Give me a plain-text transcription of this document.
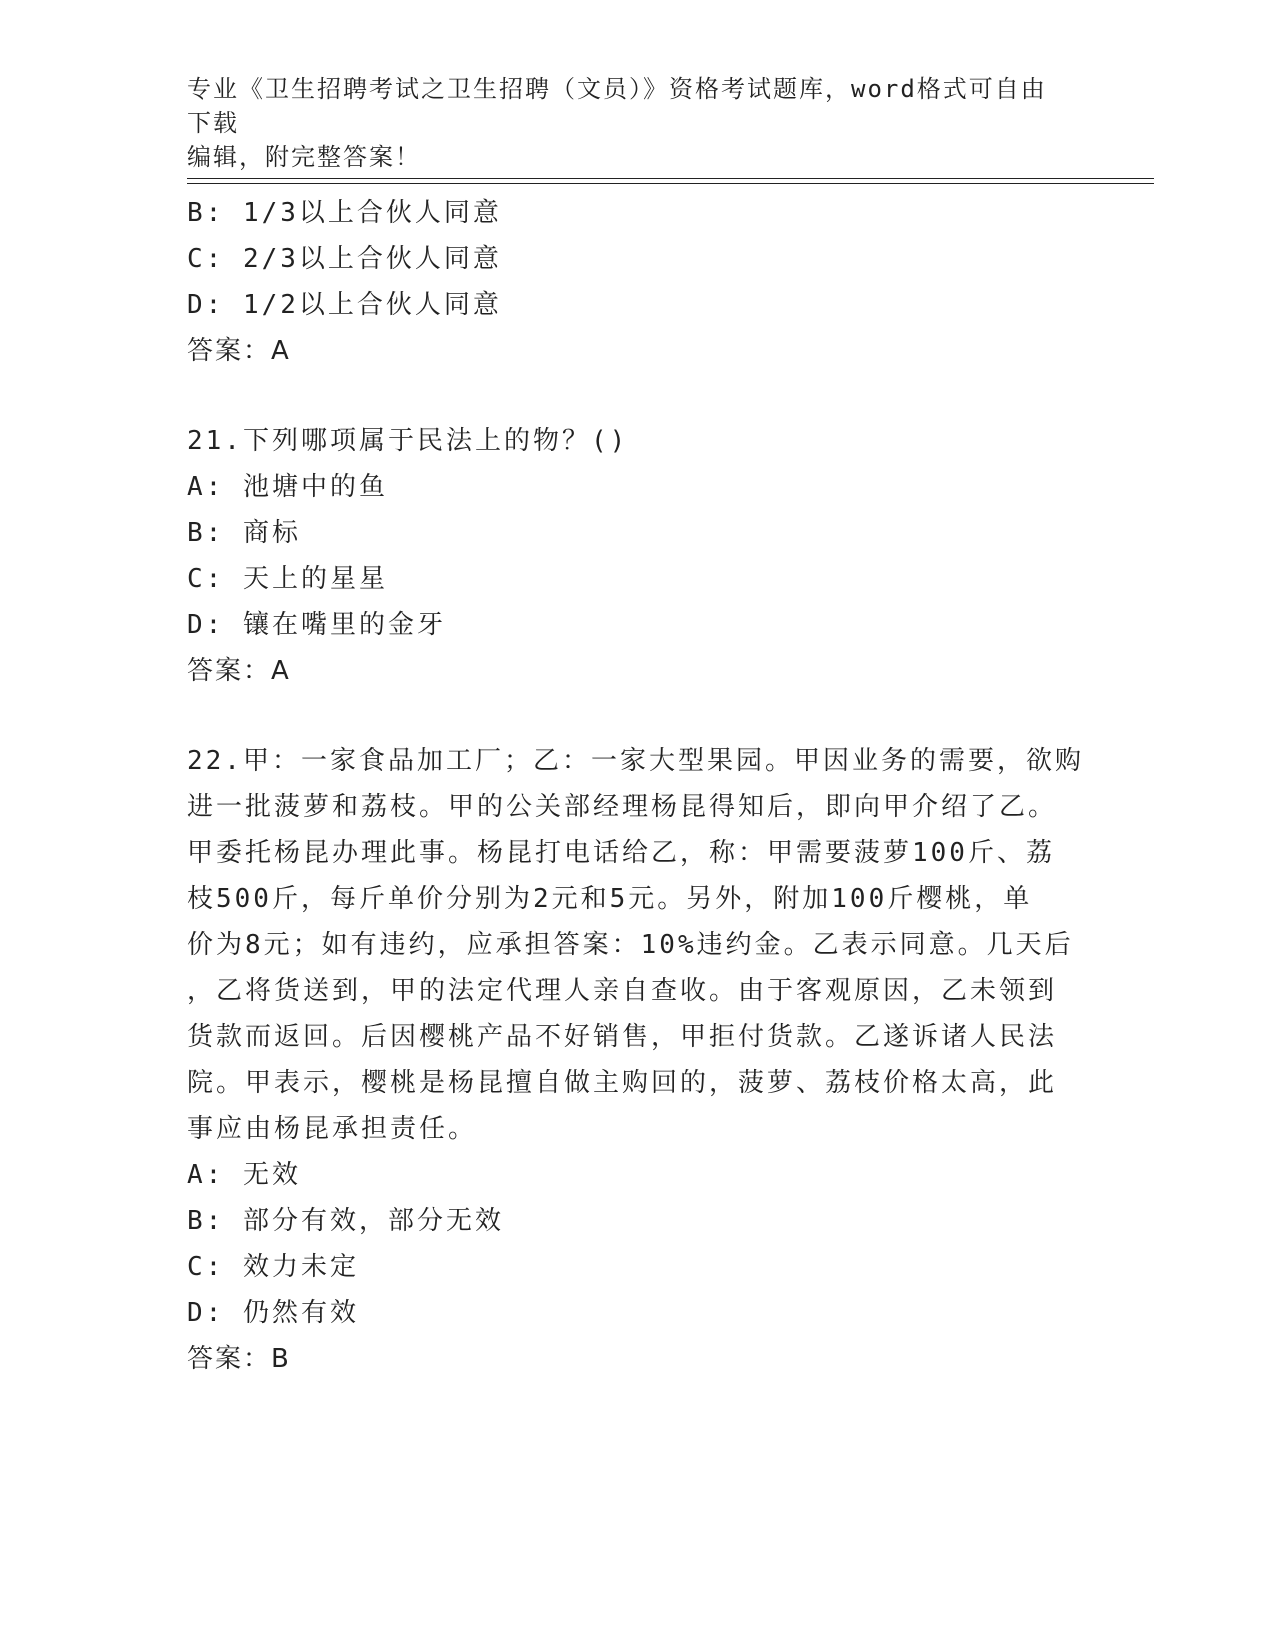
专业《卫生招聘考试之卫生招聘（文员）》资格考试题库，word格式可自由下载
编辑，附完整答案！
B: 1/3以上合伙人同意
C: 2/3以上合伙人同意
D: 1/2以上合伙人同意
答案：A
21.下列哪项属于民法上的物？()
A: 池塘中的鱼
B: 商标
C: 天上的星星
D: 镶在嘴里的金牙
答案：A
22.甲：一家食品加工厂；乙：一家大型果园。甲因业务的需要，欲购
进一批菠萝和荔枝。甲的公关部经理杨昆得知后，即向甲介绍了乙。
甲委托杨昆办理此事。杨昆打电话给乙，称：甲需要菠萝100斤、荔
枝500斤，每斤单价分别为2元和5元。另外，附加100斤樱桃，单
价为8元；如有违约，应承担答案：10%违约金。乙表示同意。几天后
，乙将货送到，甲的法定代理人亲自查收。由于客观原因，乙未领到
货款而返回。后因樱桃产品不好销售，甲拒付货款。乙遂诉诸人民法
院。甲表示，樱桃是杨昆擅自做主购回的，菠萝、荔枝价格太高，此
事应由杨昆承担责任。
A: 无效
B: 部分有效，部分无效
C: 效力未定
D: 仍然有效
答案：B
